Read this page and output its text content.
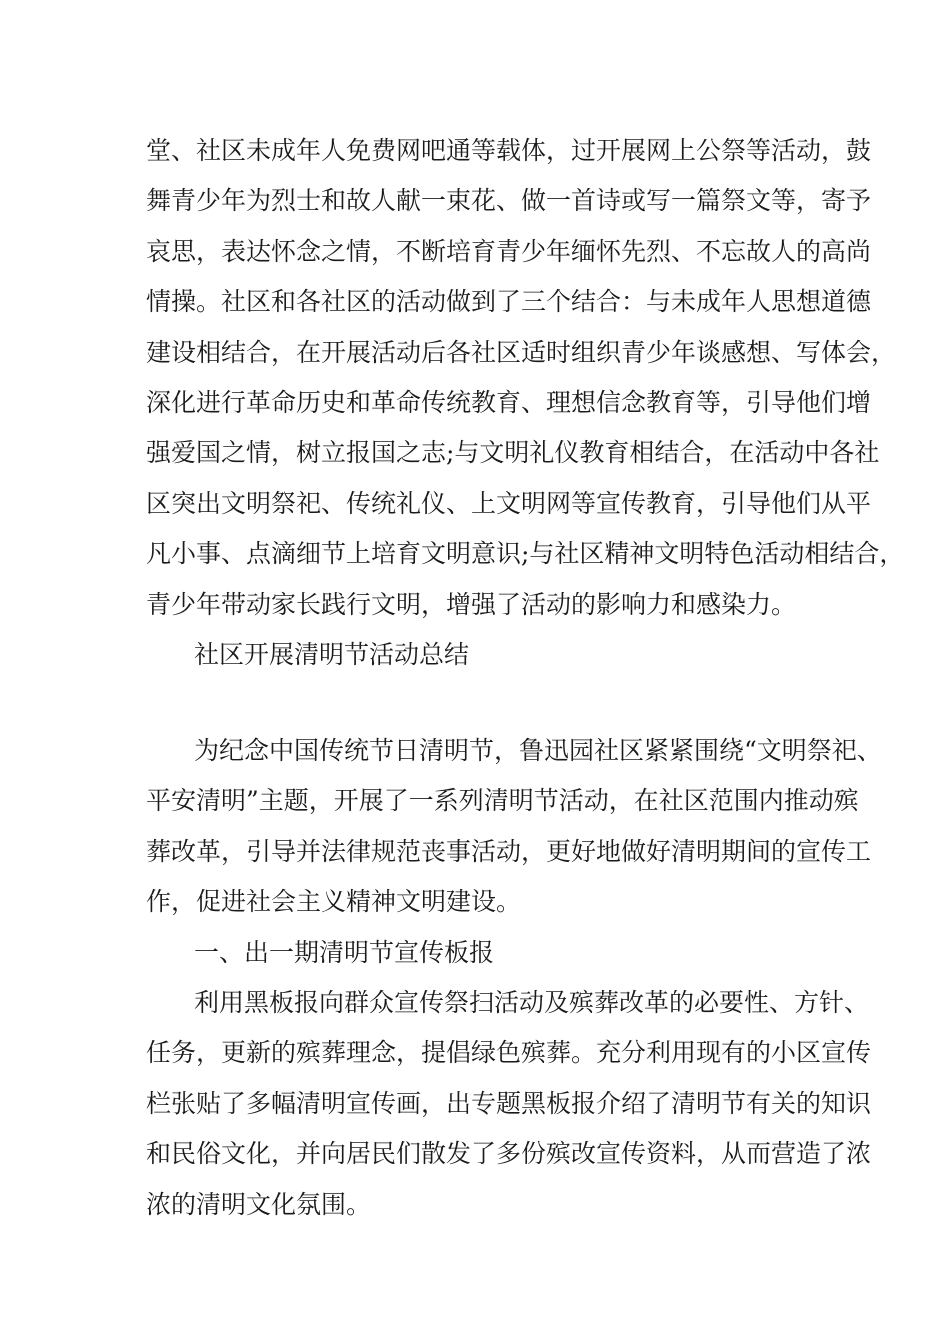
堂、社区未成年人免费网吧通等载体，过开展网上公祭等活动，鼓
舞青少年为烈士和故人献一束花、做一首诗或写一篇祭文等，寄予
哀思，表达怀念之情，不断培育青少年缅怀先烈、不忘故人的高尚
情操。社区和各社区的活动做到了三个结合：与未成年人思想道德
建设相结合，在开展活动后各社区适时组织青少年谈感想、写体会，
深化进行革命历史和革命传统教育、理想信念教育等，引导他们增
强爱国之情，树立报国之志;与文明礼仪教育相结合，在活动中各社
区突出文明祭祀、传统礼仪、上文明网等宣传教育，引导他们从平
凡小事、点滴细节上培育文明意识;与社区精神文明特色活动相结合，
青少年带动家长践行文明，增强了活动的影响力和感染力。
社区开展清明节活动总结
为纪念中国传统节日清明节，鲁迅园社区紧紧围绕“文明祭祀、
平安清明”主题，开展了一系列清明节活动，在社区范围内推动殡
葬改革，引导并法律规范丧事活动，更好地做好清明期间的宣传工
作，促进社会主义精神文明建设。
一、出一期清明节宣传板报
利用黑板报向群众宣传祭扫活动及殡葬改革的必要性、方针、
任务，更新的殡葬理念，提倡绿色殡葬。充分利用现有的小区宣传
栏张贴了多幅清明宣传画，出专题黑板报介绍了清明节有关的知识
和民俗文化，并向居民们散发了多份殡改宣传资料，从而营造了浓
浓的清明文化氛围。
